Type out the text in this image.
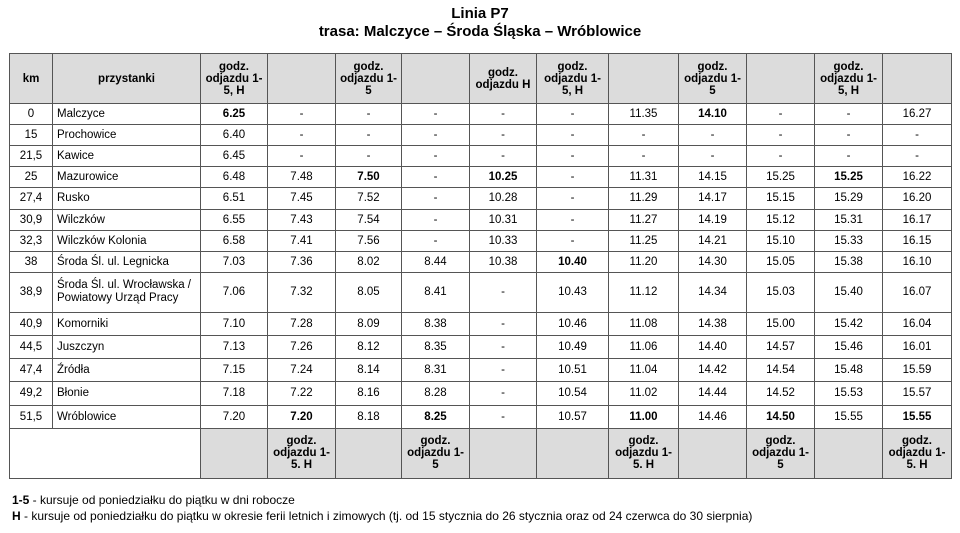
Linia P7
trasa: Malczyce – Środa Śląska – Wróblowice
km	przystanki	godz. odjazdu 1-5, H		godz. odjazdu 1-5		godz. odjazdu H	godz. odjazdu 1-5, H		godz. odjazdu 1-5		godz. odjazdu 1-5, H	
0	Malczyce	6.25	-	-	-	-	-	11.35	14.10	-	-	16.27
15	Prochowice	6.40	-	-	-	-	-	-	-	-	-	-
21,5	Kawice	6.45	-	-	-	-	-	-	-	-	-	-
25	Mazurowice	6.48	7.48	7.50	-	10.25	-	11.31	14.15	15.25	15.25	16.22
27,4	Rusko	6.51	7.45	7.52	-	10.28	-	11.29	14.17	15.15	15.29	16.20
30,9	Wilczków	6.55	7.43	7.54	-	10.31	-	11.27	14.19	15.12	15.31	16.17
32,3	Wilczków Kolonia	6.58	7.41	7.56	-	10.33	-	11.25	14.21	15.10	15.33	16.15
38	Środa Śl. ul. Legnicka	7.03	7.36	8.02	8.44	10.38	10.40	11.20	14.30	15.05	15.38	16.10
38,9	Środa Śl. ul. Wrocławska / Powiatowy Urząd Pracy	7.06	7.32	8.05	8.41	-	10.43	11.12	14.34	15.03	15.40	16.07
40,9	Komorniki	7.10	7.28	8.09	8.38	-	10.46	11.08	14.38	15.00	15.42	16.04
44,5	Juszczyn	7.13	7.26	8.12	8.35	-	10.49	11.06	14.40	14.57	15.46	16.01
47,4	Źródła	7.15	7.24	8.14	8.31	-	10.51	11.04	14.42	14.54	15.48	15.59
49,2	Błonie	7.18	7.22	8.16	8.28	-	10.54	11.02	14.44	14.52	15.53	15.57
51,5	Wróblowice	7.20	7.20	8.18	8.25	-	10.57	11.00	14.46	14.50	15.55	15.55
			godz. odjazdu 1-5. H		godz. odjazdu 1-5			godz. odjazdu 1-5. H		godz. odjazdu 1-5		godz. odjazdu 1-5. H
1-5 - kursuje od poniedziałku do piątku w dni robocze
H - kursuje od poniedziałku do piątku w okresie ferii letnich i zimowych (tj. od 15 stycznia do 26 stycznia oraz od 24 czerwca do 30 sierpnia)
